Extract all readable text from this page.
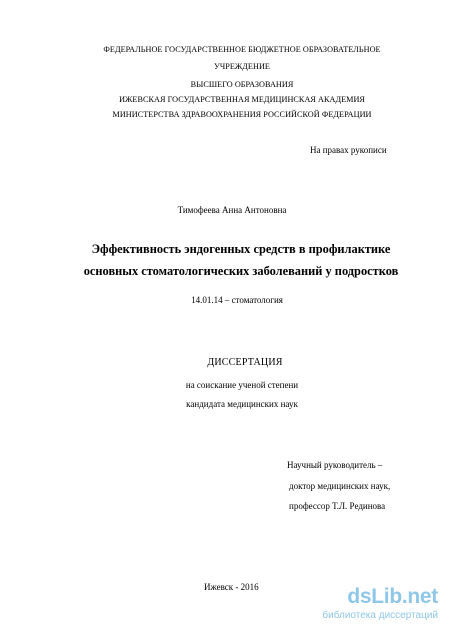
ФЕДЕРАЛЬНОЕ ГОСУДАРСТВЕННОЕ БЮДЖЕТНОЕ ОБРАЗОВАТЕЛЬНОЕ
УЧРЕЖДЕНИЕ
ВЫСШЕГО ОБРАЗОВАНИЯ
ИЖЕВСКАЯ ГОСУДАРСТВЕННАЯ МЕДИЦИНСКАЯ АКАДЕМИЯ
МИНИСТЕРСТВА ЗДРАВООХРАНЕНИЯ РОССИЙСКОЙ ФЕДЕРАЦИИ
На правах рукописи
Тимофеева Анна Антоновна
Эффективность эндогенных средств в профилактике
основных стоматологических заболеваний у подростков
14.01.14 – стоматология
ДИССЕРТАЦИЯ
на соискание ученой степени
кандидата медицинских наук
Научный руководитель –
доктор медицинских наук,
профессор Т.Л. Рединова
Ижевск - 2016	dsLib.net
библиотека диссертаций
